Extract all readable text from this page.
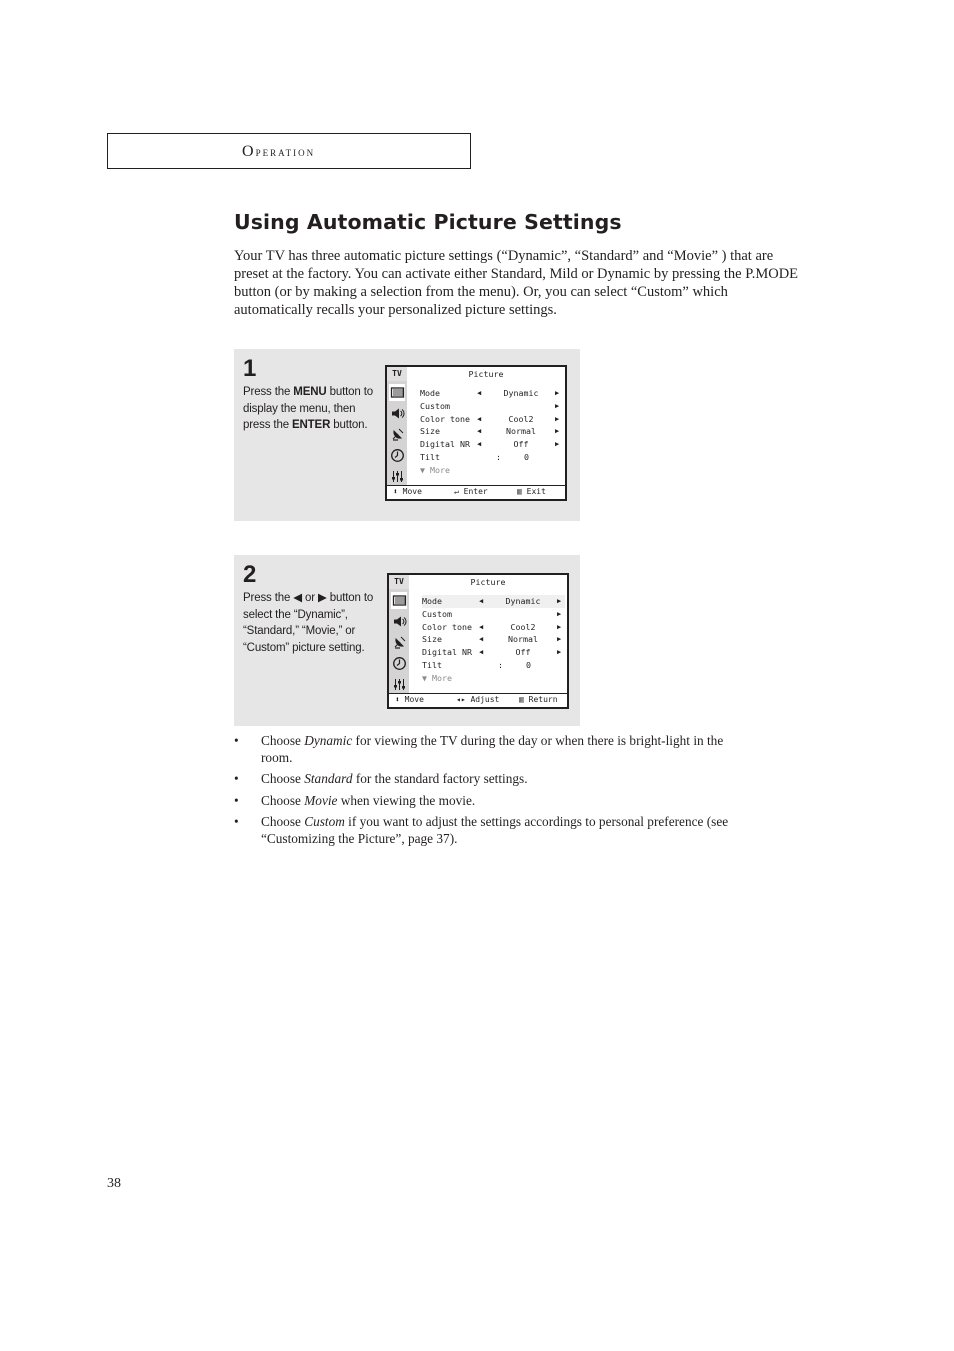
Operation
Using Automatic Picture Settings

Your TV has three automatic picture settings (“Dynamic”, “Standard” and “Movie” ) that are preset at the factory. You can activate either Standard, Mild or Dynamic by pressing the P.MODE button (or by making a selection from the menu). Or, you can select “Custom” which automatically recalls your personalized picture settings.

1
Press the MENU button to display the menu, then press the ENTER button.
TV	Picture
Mode	◀	Dynamic	▶
Custom	▶
Color tone ◀	Cool2	▶
Size	◀	Normal	▶
Digital NR ◀	Off	▶
Tilt	:	0
▼ More
⬍ Move	↵ Enter	▥ Exit
2
Press the ◀ or ▶ button to select the “Dynamic”, “Standard,” “Movie,” or “Custom” picture setting.
TV	Picture
Mode	◀	Dynamic	▶
Custom	▶
Color tone ◀	Cool2	▶
Size	◀	Normal	▶
Digital NR ◀	Off	▶
Tilt	:	0
▼ More
⬍ Move	◂▸ Adjust ▥ Return
• Choose Dynamic for viewing the TV during the day or when there is bright-light in the room.
• Choose Standard for the standard factory settings.
• Choose Movie when viewing the movie.
• Choose Custom if you want to adjust the settings accordings to personal preference (see “Customizing the Picture”, page 37).
38
